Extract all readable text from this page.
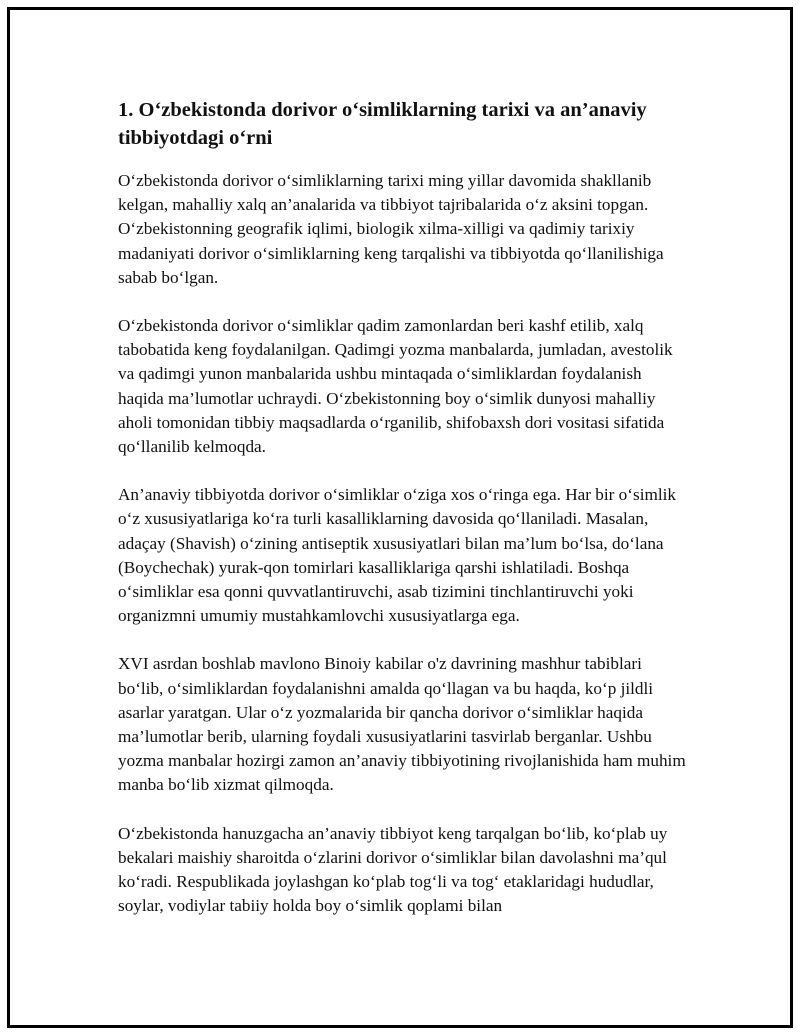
1. O‘zbekistonda dorivor o‘simliklarning tarixi va an’anaviy tibbiyotdagi o‘rni

O‘zbekistonda dorivor o‘simliklarning tarixi ming yillar davomida shakllanib kelgan, mahalliy xalq an’analarida va tibbiyot tajribalarida o‘z aksini topgan. O‘zbekistonning geografik iqlimi, biologik xilma-xilligi va qadimiy tarixiy madaniyati dorivor o‘simliklarning keng tarqalishi va tibbiyotda qo‘llanilishiga sabab bo‘lgan.

O‘zbekistonda dorivor o‘simliklar qadim zamonlardan beri kashf etilib, xalq tabobatida keng foydalanilgan. Qadimgi yozma manbalarda, jumladan, avestolik va qadimgi yunon manbalarida ushbu mintaqada o‘simliklardan foydalanish haqida ma’lumotlar uchraydi. O‘zbekistonning boy o‘simlik dunyosi mahalliy aholi tomonidan tibbiy maqsadlarda o‘rganilib, shifobaxsh dori vositasi sifatida qo‘llanilib kelmoqda.

An’anaviy tibbiyotda dorivor o‘simliklar o‘ziga xos o‘ringa ega. Har bir o‘simlik o‘z xususiyatlariga ko‘ra turli kasalliklarning davosida qo‘llaniladi. Masalan, adaçay (Shavish) o‘zining antiseptik xususiyatlari bilan ma’lum bo‘lsa, do‘lana (Boychechak) yurak-qon tomirlari kasalliklariga qarshi ishlatiladi. Boshqa o‘simliklar esa qonni quvvatlantiruvchi, asab tizimini tinchlantiruvchi yoki organizmni umumiy mustahkamlovchi xususiyatlarga ega.

XVI asrdan boshlab mavlono Binoiy kabilar o'z davrining mashhur tabiblari bo‘lib, o‘simliklardan foydalanishni amalda qo‘llagan va bu haqda, ko‘p jildli asarlar yaratgan. Ular o‘z yozmalarida bir qancha dorivor o‘simliklar haqida ma’lumotlar berib, ularning foydali xususiyatlarini tasvirlab berganlar. Ushbu yozma manbalar hozirgi zamon an’anaviy tibbiyotining rivojlanishida ham muhim manba bo‘lib xizmat qilmoqda.

O‘zbekistonda hanuzgacha an’anaviy tibbiyot keng tarqalgan bo‘lib, ko‘plab uy bekalari maishiy sharoitda o‘zlarini dorivor o‘simliklar bilan davolashni ma’qul ko‘radi. Respublikada joylashgan ko‘plab tog‘li va tog‘ etaklaridagi hududlar, soylar, vodiylar tabiiy holda boy o‘simlik qoplami bilan
